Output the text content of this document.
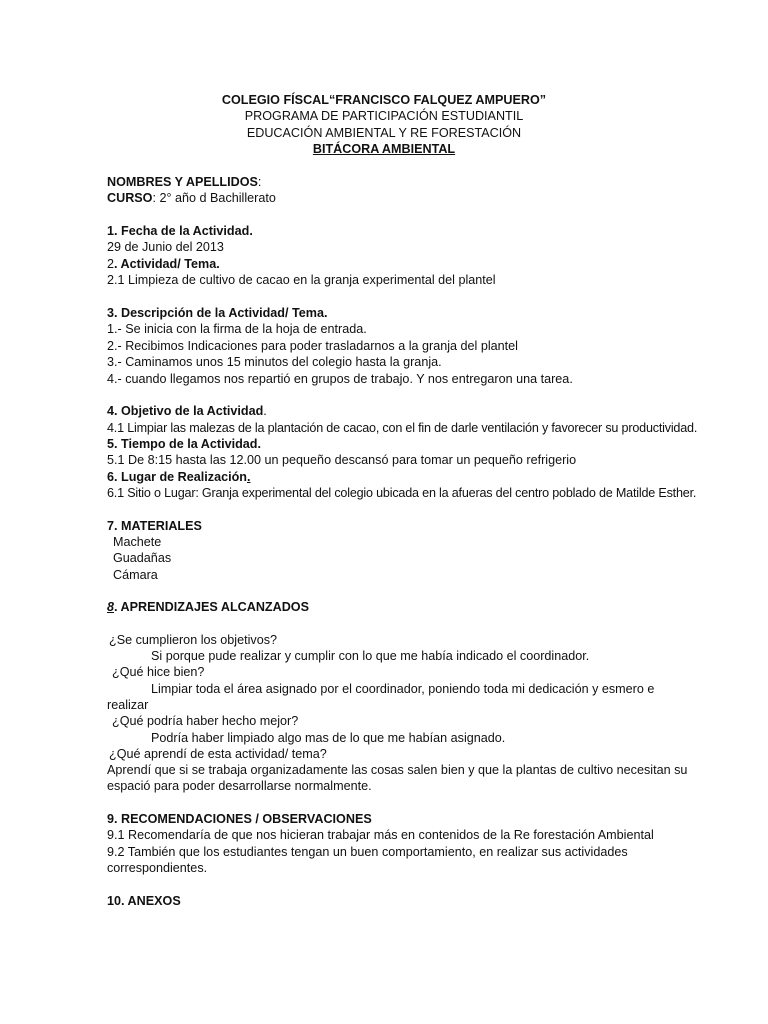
COLEGIO FÍSCAL“FRANCISCO FALQUEZ AMPUERO”
PROGRAMA DE PARTICIPACIÓN ESTUDIANTIL
EDUCACIÓN AMBIENTAL Y RE FORESTACIÓN
BITÁCORA AMBIENTAL
NOMBRES Y APELLIDOS:
CURSO: 2° año d Bachillerato
1. Fecha de la Actividad.
29 de Junio del 2013
2. Actividad/ Tema.
2.1 Limpieza de cultivo de cacao en la granja experimental del plantel
3. Descripción de la Actividad/ Tema.
1.- Se inicia con la firma de la hoja de entrada.
2.- Recibimos Indicaciones para poder trasladarnos a la granja del plantel
3.- Caminamos unos 15 minutos del colegio hasta la granja.
4.- cuando llegamos nos repartió en grupos de trabajo. Y nos entregaron una tarea.
4. Objetivo de la Actividad.
4.1 Limpiar las malezas de la plantación de cacao, con el fin de darle ventilación y favorecer su productividad.
5. Tiempo de la Actividad.
5.1 De 8:15 hasta las 12.00 un pequeño descansó para tomar un pequeño refrigerio
6. Lugar de Realización.
6.1 Sitio o Lugar: Granja experimental del colegio ubicada en la afueras del centro poblado de Matilde Esther.
7. MATERIALES
Machete
Guadañas
Cámara
8. APRENDIZAJES ALCANZADOS
¿Se cumplieron los objetivos?
Si porque pude realizar y cumplir con lo que me había indicado el coordinador.
¿Qué hice bien?
Limpiar toda el área asignado por el coordinador, poniendo toda mi dedicación y esmero e
realizar
¿Qué podría haber hecho mejor?
Podría haber limpiado algo mas de lo que me habían asignado.
¿Qué aprendí de esta actividad/ tema?
Aprendí que si se trabaja organizadamente las cosas salen bien y que la plantas de cultivo necesitan su
espació para poder desarrollarse normalmente.
9. RECOMENDACIONES / OBSERVACIONES
9.1 Recomendaría de que nos hicieran trabajar más en contenidos de la Re forestación Ambiental
9.2 También que los estudiantes tengan un buen comportamiento, en realizar sus actividades
correspondientes.
10. ANEXOS
